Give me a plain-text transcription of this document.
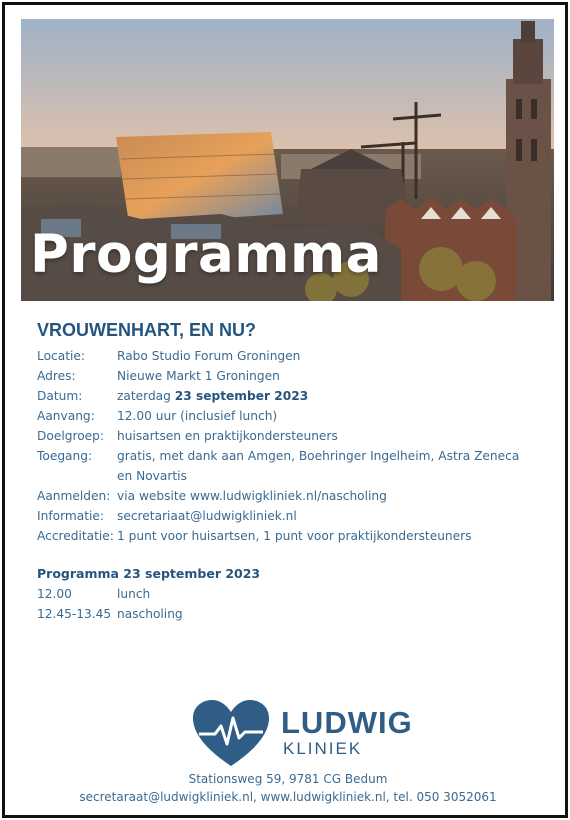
Programma
VROUWENHART, EN NU?
Locatie:	Rabo Studio Forum Groningen
Adres:	Nieuwe Markt 1 Groningen
Datum:	zaterdag 23 september 2023
Aanvang:	12.00 uur (inclusief lunch)
Doelgroep:	huisartsen en praktijkondersteuners
Toegang:	gratis, met dank aan Amgen, Boehringer Ingelheim, Astra Zeneca en Novartis
Aanmelden: via website www.ludwigkliniek.nl/nascholing
Informatie:	secretariaat@ludwigkliniek.nl
Accreditatie: 1 punt voor huisartsen, 1 punt voor praktijkondersteuners
Programma 23 september 2023
12.00	lunch
12.45-13.45 nascholing
LUDWIG
KLINIEK
Stationsweg 59, 9781 CG Bedum
secretaraat@ludwigkliniek.nl, www.ludwigkliniek.nl, tel. 050 3052061
